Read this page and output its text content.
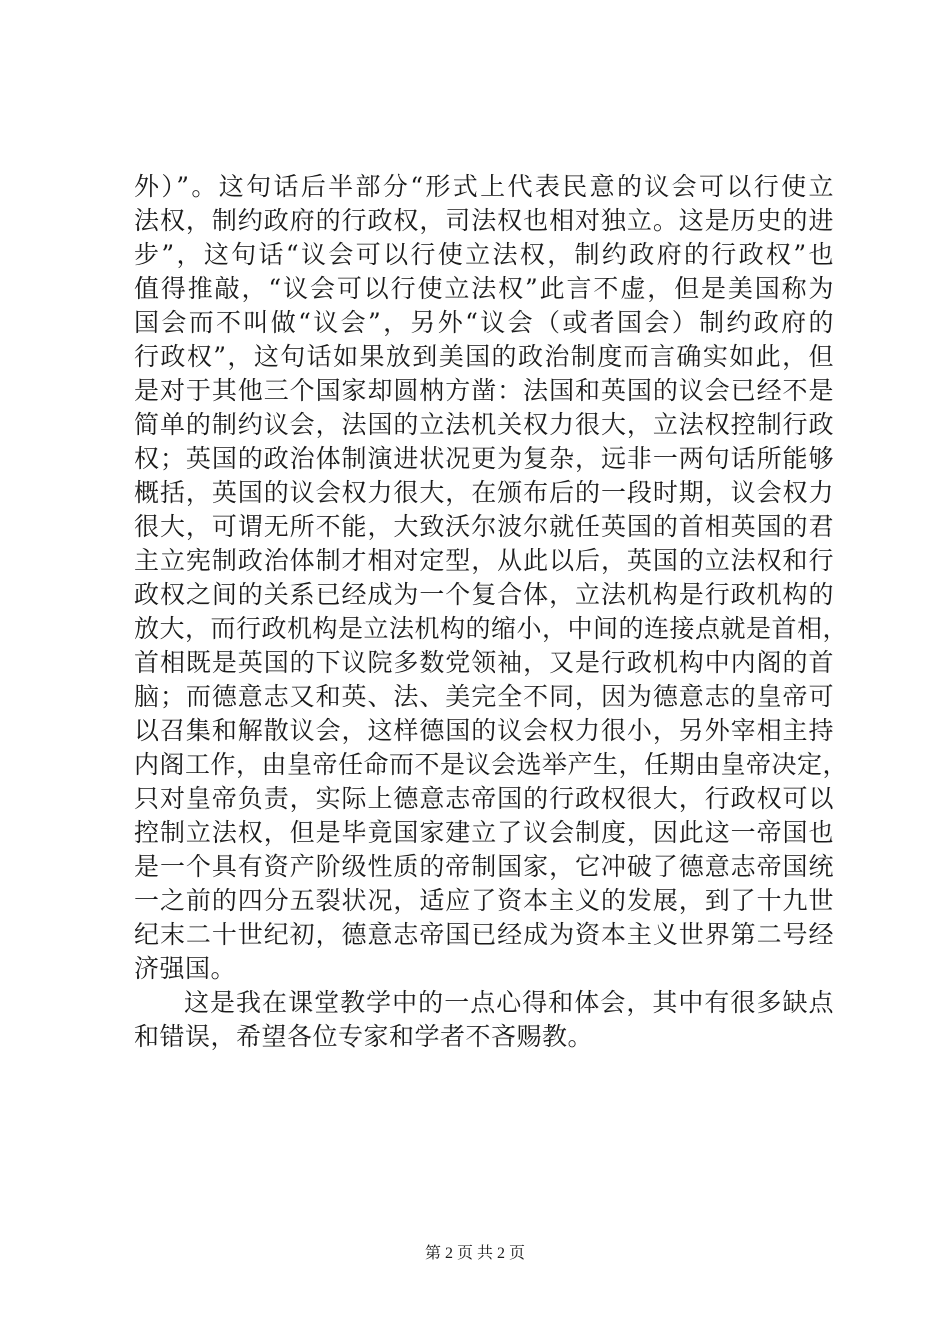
外）”。这句话后半部分“形式上代表民意的议会可以行使立
法权，制约政府的行政权，司法权也相对独立。这是历史的进
步”，这句话“议会可以行使立法权，制约政府的行政权”也
值得推敲，“议会可以行使立法权”此言不虚，但是美国称为
国会而不叫做“议会”，另外“议会（或者国会）制约政府的
行政权”，这句话如果放到美国的政治制度而言确实如此，但
是对于其他三个国家却圆枘方凿：法国和英国的议会已经不是
简单的制约议会，法国的立法机关权力很大，立法权控制行政
权；英国的政治体制演进状况更为复杂，远非一两句话所能够
概括，英国的议会权力很大，在颁布后的一段时期，议会权力
很大，可谓无所不能，大致沃尔波尔就任英国的首相英国的君
主立宪制政治体制才相对定型，从此以后，英国的立法权和行
政权之间的关系已经成为一个复合体，立法机构是行政机构的
放大，而行政机构是立法机构的缩小，中间的连接点就是首相，
首相既是英国的下议院多数党领袖，又是行政机构中内阁的首
脑；而德意志又和英、法、美完全不同，因为德意志的皇帝可
以召集和解散议会，这样德国的议会权力很小，另外宰相主持
内阁工作，由皇帝任命而不是议会选举产生，任期由皇帝决定，
只对皇帝负责，实际上德意志帝国的行政权很大，行政权可以
控制立法权，但是毕竟国家建立了议会制度，因此这一帝国也
是一个具有资产阶级性质的帝制国家，它冲破了德意志帝国统
一之前的四分五裂状况，适应了资本主义的发展，到了十九世
纪末二十世纪初，德意志帝国已经成为资本主义世界第二号经
济强国。
这是我在课堂教学中的一点心得和体会，其中有很多缺点
和错误，希望各位专家和学者不吝赐教。
第 2 页 共 2 页
